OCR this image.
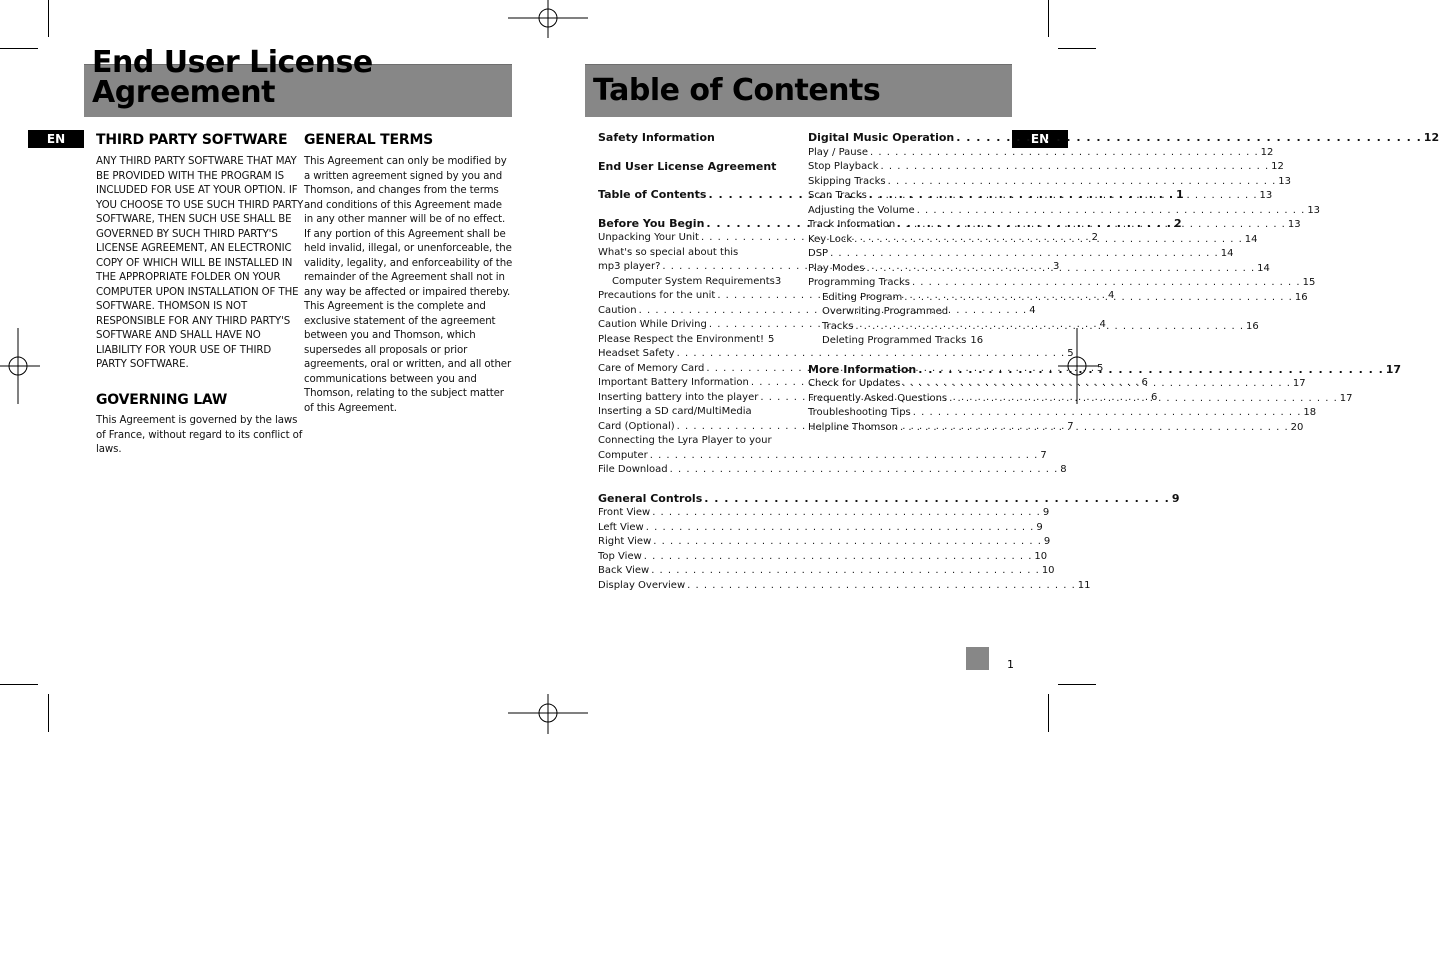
End User License Agreement
EN	THIRD PARTY SOFTWARE
ANY THIRD PARTY SOFTWARE THAT MAY
BE PROVIDED WITH THE PROGRAM IS
INCLUDED FOR USE AT YOUR OPTION. IF
YOU CHOOSE TO USE SUCH THIRD PARTY
SOFTWARE, THEN SUCH USE SHALL BE
GOVERNED BY SUCH THIRD PARTY'S
LICENSE AGREEMENT, AN ELECTRONIC
COPY OF WHICH WILL BE INSTALLED IN
THE APPROPRIATE FOLDER ON YOUR
COMPUTER UPON INSTALLATION OF THE
SOFTWARE. THOMSON IS NOT
RESPONSIBLE FOR ANY THIRD PARTY'S
SOFTWARE AND SHALL HAVE NO
LIABILITY FOR YOUR USE OF THIRD
PARTY SOFTWARE.
GOVERNING LAW
This Agreement is governed by the laws
of France, without regard to its conflict of
laws.
GENERAL TERMS
This Agreement can only be modified by
a written agreement signed by you and
Thomson, and changes from the terms
and conditions of this Agreement made
in any other manner will be of no effect.
If any portion of this Agreement shall be
held invalid, illegal, or unenforceable, the
validity, legality, and enforceability of the
remainder of the Agreement shall not in
any way be affected or impaired thereby.
This Agreement is the complete and
exclusive statement of the agreement
between you and Thomson, which
supersedes all proposals or prior
agreements, oral or written, and all other
communications between you and
Thomson, relating to the subject matter
of this Agreement.
Table of Contents
EN
Safety Information
End User License Agreement
Table of Contents . . .	1
Before You Begin . . .	2
Unpacking Your Unit . . .	2
What's so special about this
mp3 player? . . .	3
Computer System Requirements 3
Precautions for the unit . . .	4
Caution . . .	4
Caution While Driving . . .	4
Please Respect the Environment! 5
Headset Safety . . .	5
Care of Memory Card . . .	5
Important Battery Information . . .	6
Inserting battery into the player . . .	6
Inserting a SD card/MultiMedia
Card (Optional) . . .	7
Connecting the Lyra Player to your
Computer . . .	7
File Download . . .	8
General Controls . . .	9
Front View . . .	9
Left View . . .	9
Right View . . .	9
Top View . . .	10
Back View . . .	10
Display Overview . . .	11
Digital Music Operation . . .	12
Play / Pause . . .	12
Stop Playback . . .	12
Skipping Tracks . . .	13
Scan Tracks . . .	13
Adjusting the Volume . . .	13
Track Information . . .	13
Key Lock . . .	14
DSP . . .	14
Play Modes . . .	14
Programming Tracks . . .	15
Editing Program . . .	16
Overwriting Programmed
Tracks . . .	16
Deleting Programmed Tracks 16
More Information . . .	17
Check for Updates . . .	17
Frequently Asked Questions . . .	17
Troubleshooting Tips . . .	18
Helpline Thomson . . .	20
1
